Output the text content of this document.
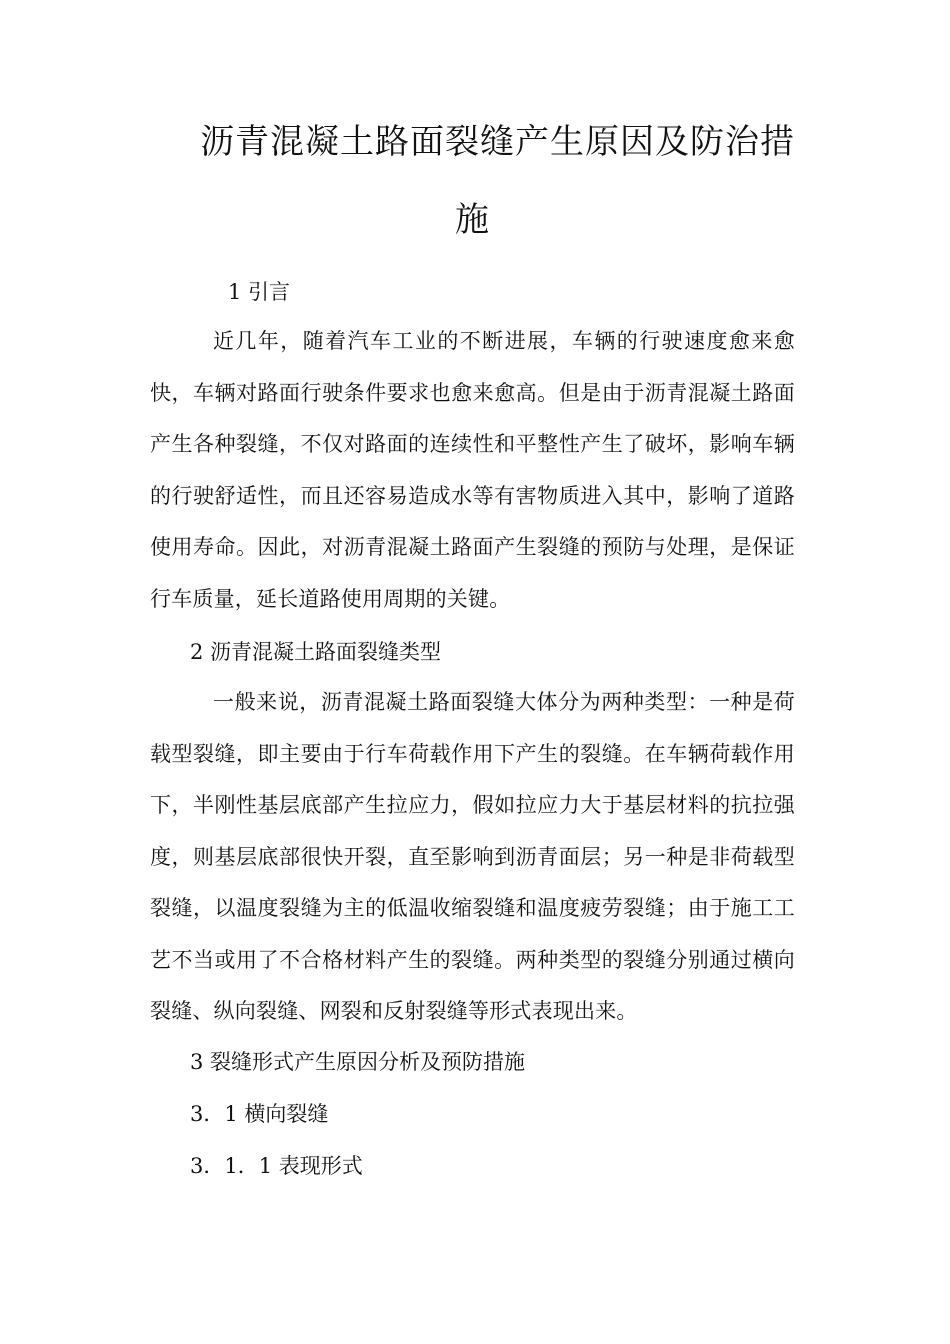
沥青混凝土路面裂缝产生原因及防治措
施

1 引言

近几年，随着汽车工业的不断进展，车辆的行驶速度愈来愈快，车辆对路面行驶条件要求也愈来愈高。但是由于沥青混凝土路面产生各种裂缝，不仅对路面的连续性和平整性产生了破坏，影响车辆的行驶舒适性，而且还容易造成水等有害物质进入其中，影响了道路使用寿命。因此，对沥青混凝土路面产生裂缝的预防与处理，是保证行车质量，延长道路使用周期的关键。

2 沥青混凝土路面裂缝类型

一般来说，沥青混凝土路面裂缝大体分为两种类型：一种是荷载型裂缝，即主要由于行车荷载作用下产生的裂缝。在车辆荷载作用下，半刚性基层底部产生拉应力，假如拉应力大于基层材料的抗拉强度，则基层底部很快开裂，直至影响到沥青面层；另一种是非荷载型裂缝，以温度裂缝为主的低温收缩裂缝和温度疲劳裂缝；由于施工工艺不当或用了不合格材料产生的裂缝。两种类型的裂缝分别通过横向裂缝、纵向裂缝、网裂和反射裂缝等形式表现出来。

3 裂缝形式产生原因分析及预防措施

3．1 横向裂缝

3．1．1 表现形式
